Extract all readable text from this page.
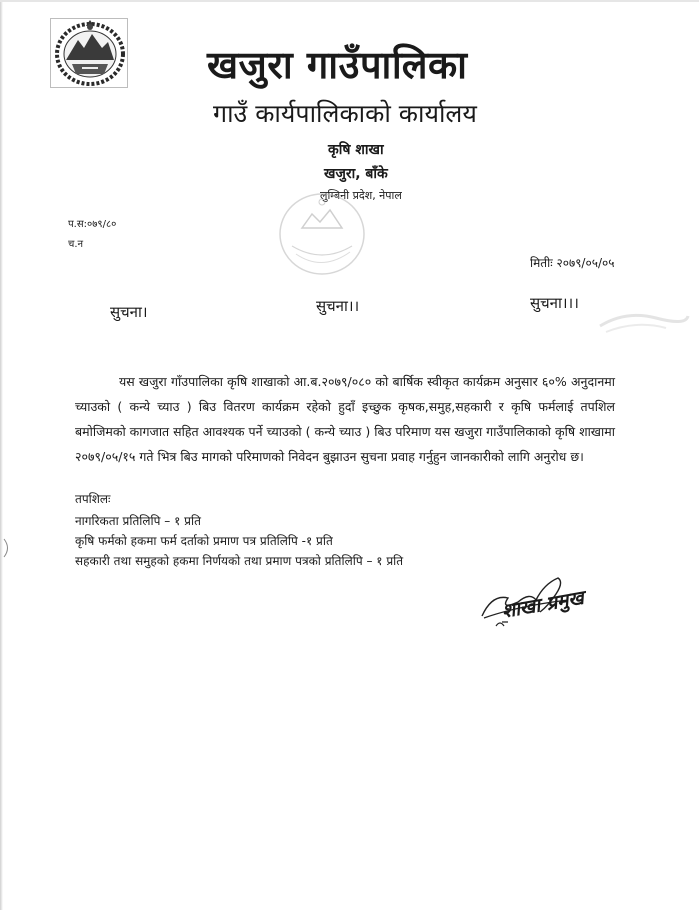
खजुरा गाउँपालिका
गाउँ कार्यपालिकाको कार्यालय
कृषि शाखा
खजुरा, बाँके
लुम्बिनी प्रदेश, नेपाल
प.स:०७९/८०
च.न
मितीः २०७९/०५/०५
सुचना।	सुचना।।	सुचना।।।

यस खजुरा गाँउपालिका कृषि शाखाको आ.ब.२०७९/०८० को बार्षिक स्वीकृत कार्यक्रम अनुसार ६०% अनुदानमा च्याउको ( कन्ये च्याउ ) बिउ वितरण कार्यक्रम रहेको हुदाँ इच्छुक कृषक,समुह,सहकारी र कृषि फर्मलाई तपशिल बमोजिमको कागजात सहित आवश्यक पर्ने च्याउको ( कन्ये च्याउ ) बिउ परिमाण यस खजुरा गाउँपालिकाको कृषि शाखामा २०७९/०५/१५ गते भित्र बिउ मागको परिमाणको निवेदन बुझाउन सुचना प्रवाह गर्नुहुन जानकारीको लागि अनुरोध छ।

तपशिलः
नागरिकता प्रतिलिपि – १ प्रति
कृषि फर्मको हकमा फर्म दर्ताको प्रमाण पत्र प्रतिलिपि -१ प्रति
सहकारी तथा समुहको हकमा निर्णयको तथा प्रमाण पत्रको प्रतिलिपि – १ प्रति
शाखा प्रमुख
